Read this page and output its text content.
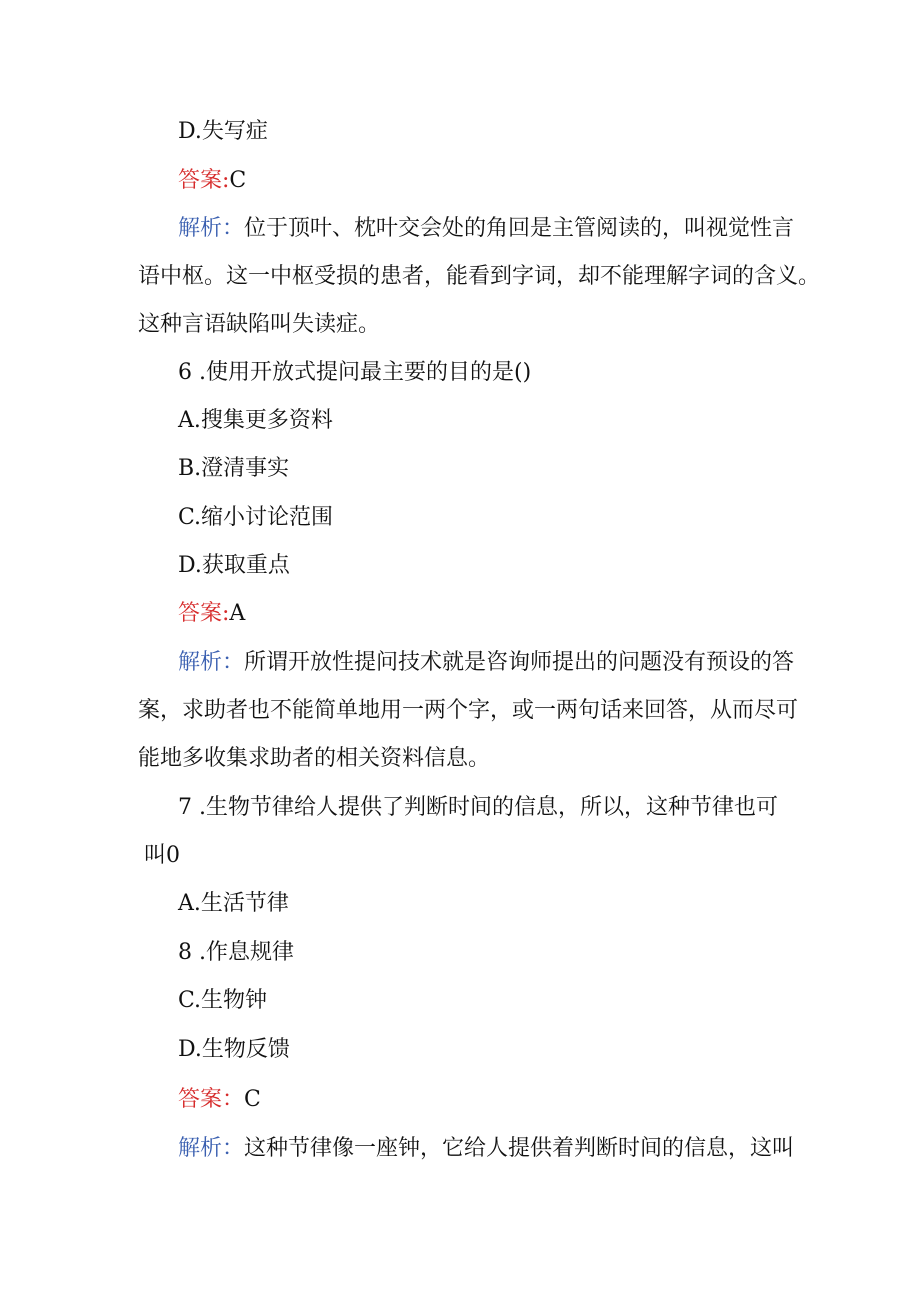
D.失写症

答案:C

解析：位于顶叶、枕叶交会处的角回是主管阅读的，叫视觉性言

语中枢。这一中枢受损的患者，能看到字词，却不能理解字词的含义。

这种言语缺陷叫失读症。

6 .使用开放式提问最主要的目的是()

A.搜集更多资料

B.澄清事实

C.缩小讨论范围

D.获取重点

答案:A

解析：所谓开放性提问技术就是咨询师提出的问题没有预设的答

案，求助者也不能简单地用一两个字，或一两句话来回答，从而尽可

能地多收集求助者的相关资料信息。

7 .生物节律给人提供了判断时间的信息，所以，这种节律也可

叫0

A.生活节律

8 .作息规律

C.生物钟

D.生物反馈

答案：C

解析：这种节律像一座钟，它给人提供着判断时间的信息，这叫
